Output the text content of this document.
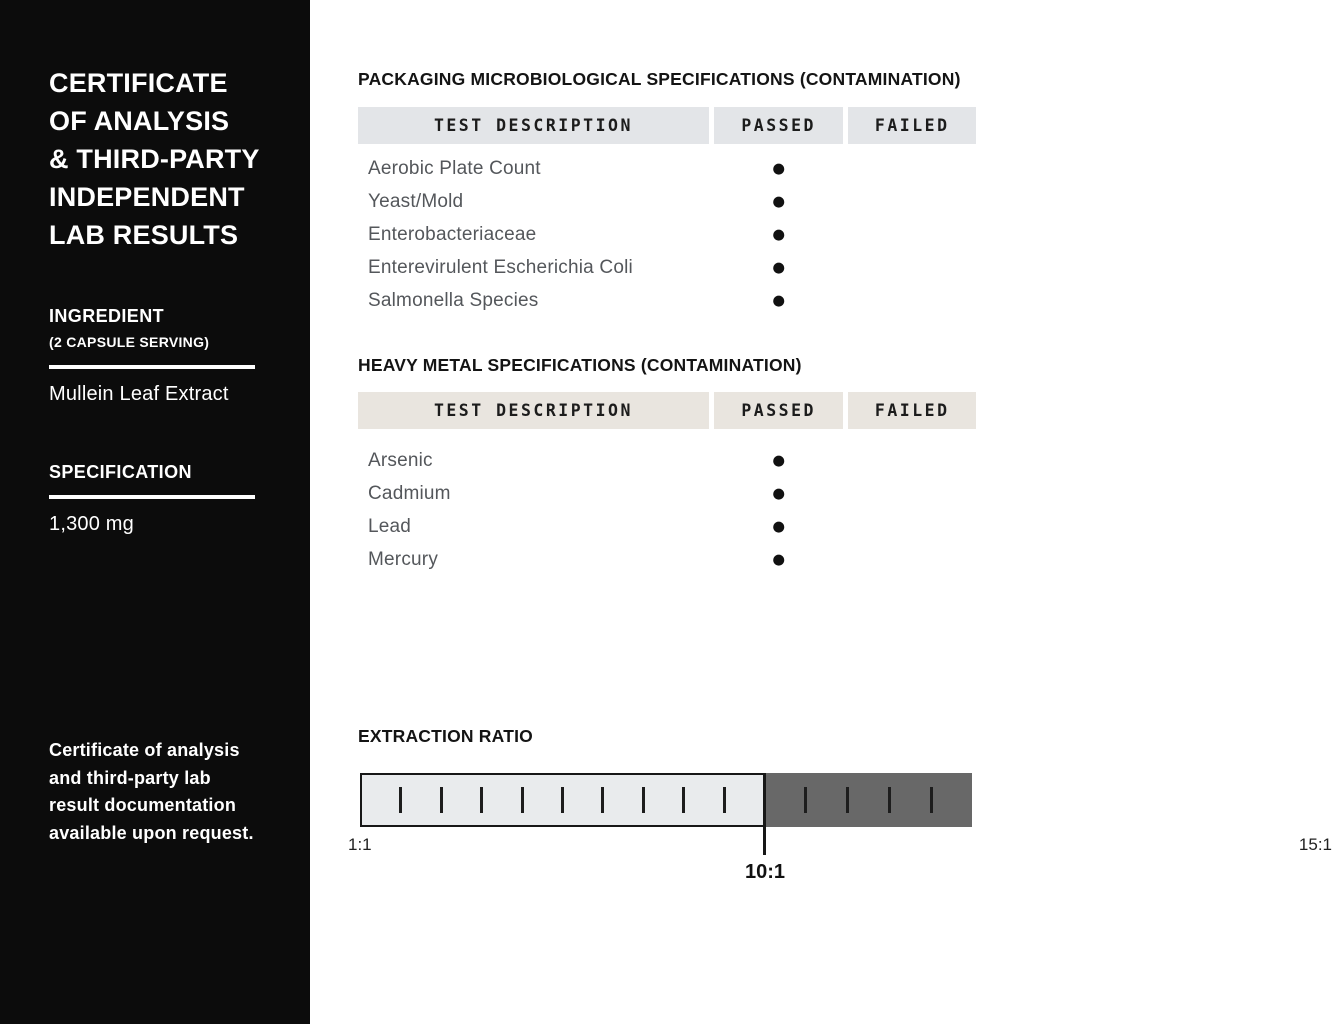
CERTIFICATE
OF ANALYSIS
& THIRD-PARTY
INDEPENDENT
LAB RESULTS
INGREDIENT
(2 CAPSULE SERVING)
Mullein Leaf Extract
SPECIFICATION
1,300 mg
Certificate of analysis
and third-party lab
result documentation
available upon request.
PACKAGING MICROBIOLOGICAL SPECIFICATIONS (CONTAMINATION)
TEST DESCRIPTION	PASSED	FAILED
Aerobic Plate Count	●
Yeast/Mold	●
Enterobacteriaceae	●
Enterevirulent Escherichia Coli	●
Salmonella Species	●
HEAVY METAL SPECIFICATIONS (CONTAMINATION)
TEST DESCRIPTION	PASSED	FAILED
Arsenic	●
Cadmium	●
Lead	●
Mercury	●
EXTRACTION RATIO
1:1	15:1
10:1
